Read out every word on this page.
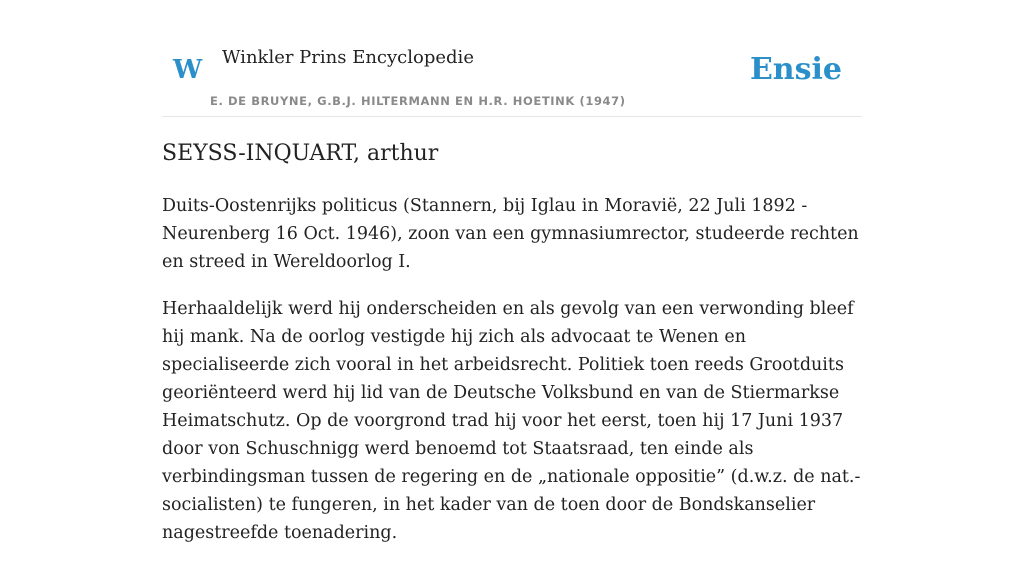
W Winkler Prins Encyclopedie
E. DE BRUYNE, G.B.J. HILTERMANN EN H.R. HOETINK (1947)
Ensie
SEYSS-INQUART, arthur

Duits-Oostenrijks politicus (Stannern, bij Iglau in Moravië, 22 Juli 1892 - Neurenberg 16 Oct. 1946), zoon van een gymnasiumrector, studeerde rechten en streed in Wereldoorlog I.

Herhaaldelijk werd hij onderscheiden en als gevolg van een verwonding bleef hij mank. Na de oorlog vestigde hij zich als advocaat te Wenen en specialiseerde zich vooral in het arbeidsrecht. Politiek toen reeds Grootduits georiënteerd werd hij lid van de Deutsche Volksbund en van de Stiermarkse Heimatschutz. Op de voorgrond trad hij voor het eerst, toen hij 17 Juni 1937 door von Schuschnigg werd benoemd tot Staatsraad, ten einde als verbindingsman tussen de regering en de „nationale oppositie” (d.w.z. de nat.-socialisten) te fungeren, in het kader van de toen door de Bondskanselier nagestreefde toenadering.
